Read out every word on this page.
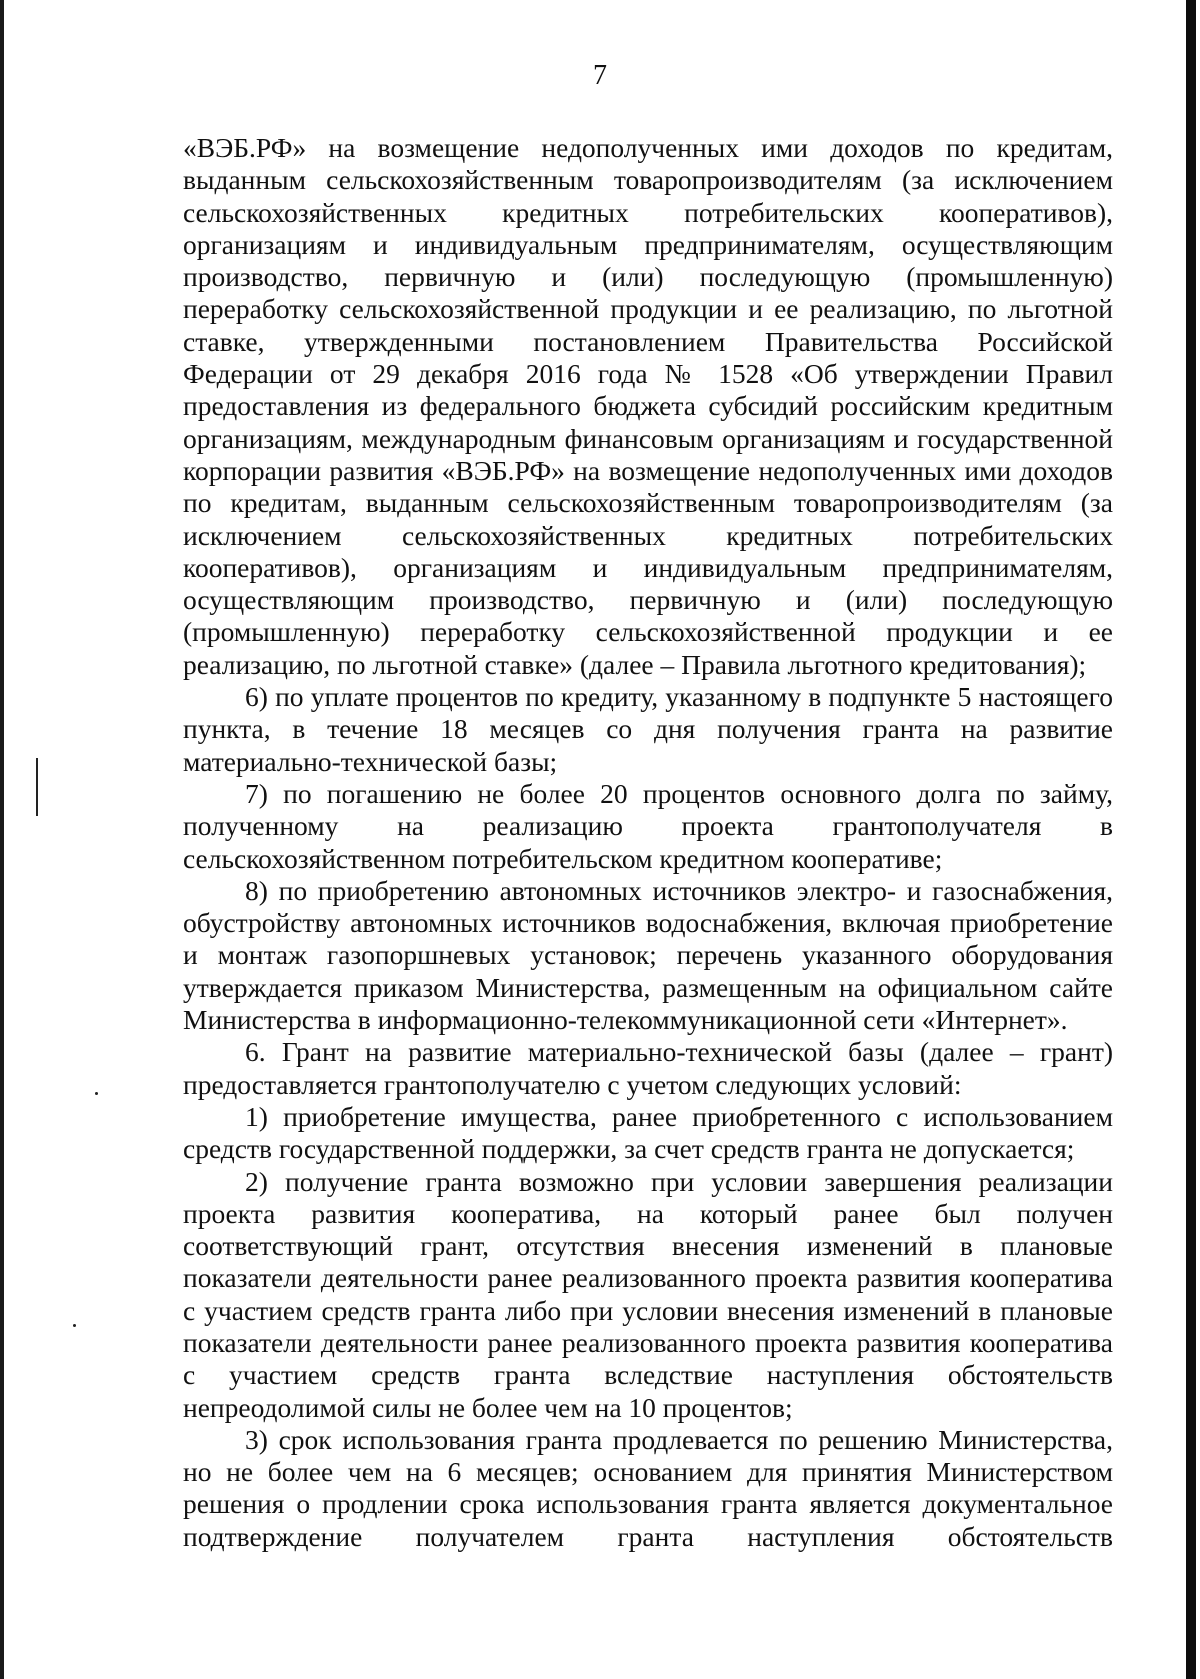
7

«ВЭБ.РФ» на возмещение недополученных ими доходов по кредитам, выданным сельскохозяйственным товаропроизводителям (за исключением сельскохозяйственных кредитных потребительских кооперативов), организациям и индивидуальным предпринимателям, осуществляющим производство, первичную и (или) последующую (промышленную) переработку сельскохозяйственной продукции и ее реализацию, по льготной ставке, утвержденными постановлением Правительства Российской Федерации от 29 декабря 2016 года № 1528 «Об утверждении Правил предоставления из федерального бюджета субсидий российским кредитным организациям, международным финансовым организациям и государственной корпорации развития «ВЭБ.РФ» на возмещение недополученных ими доходов по кредитам, выданным сельскохозяйственным товаропроизводителям (за исключением сельскохозяйственных кредитных потребительских кооперативов), организациям и индивидуальным предпринимателям, осуществляющим производство, первичную и (или) последующую (промышленную) переработку сельскохозяйственной продукции и ее реализацию, по льготной ставке» (далее – Правила льготного кредитования);

6) по уплате процентов по кредиту, указанному в подпункте 5 настоящего пункта, в течение 18 месяцев со дня получения гранта на развитие материально-технической базы;

7) по погашению не более 20 процентов основного долга по займу, полученному на реализацию проекта грантополучателя в сельскохозяйственном потребительском кредитном кооперативе;

8) по приобретению автономных источников электро- и газоснабжения, обустройству автономных источников водоснабжения, включая приобретение и монтаж газопоршневых установок; перечень указанного оборудования утверждается приказом Министерства, размещенным на официальном сайте Министерства в информационно-телекоммуникационной сети «Интернет».

6. Грант на развитие материально-технической базы (далее – грант) предоставляется грантополучателю с учетом следующих условий:

1) приобретение имущества, ранее приобретенного с использованием средств государственной поддержки, за счет средств гранта не допускается;

2) получение гранта возможно при условии завершения реализации проекта развития кооператива, на который ранее был получен соответствующий грант, отсутствия внесения изменений в плановые показатели деятельности ранее реализованного проекта развития кооператива с участием средств гранта либо при условии внесения изменений в плановые показатели деятельности ранее реализованного проекта развития кооператива с участием средств гранта вследствие наступления обстоятельств непреодолимой силы не более чем на 10 процентов;

3) срок использования гранта продлевается по решению Министерства, но не более чем на 6 месяцев; основанием для принятия Министерством решения о продлении срока использования гранта является документальное подтверждение получателем гранта наступления обстоятельств
